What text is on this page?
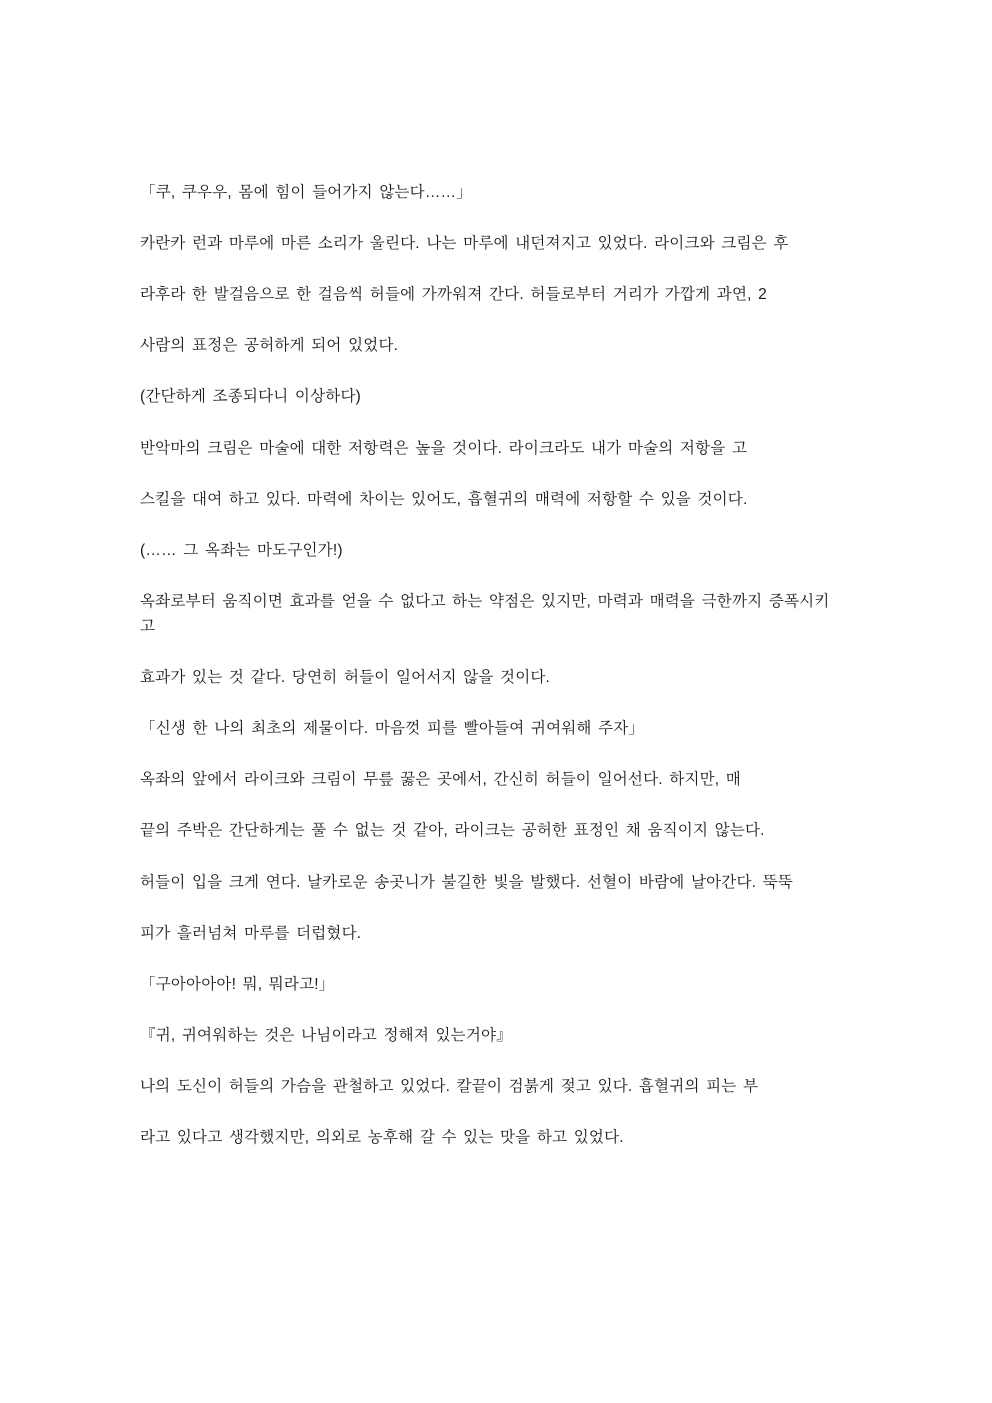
「쿠, 쿠우우, 몸에 힘이 들어가지 않는다……」

카란카 런과 마루에 마른 소리가 울린다. 나는 마루에 내던져지고 있었다. 라이크와 크림은 후

라후라 한 발걸음으로 한 걸음씩 허들에 가까워져 간다. 허들로부터 거리가 가깝게 과연, 2

사람의 표정은 공허하게 되어 있었다.

(간단하게 조종되다니 이상하다)

반악마의 크림은 마술에 대한 저항력은 높을 것이다. 라이크라도 내가 마술의 저항을 고

스킬을 대여 하고 있다. 마력에 차이는 있어도, 흡혈귀의 매력에 저항할 수 있을 것이다.

(…… 그 옥좌는 마도구인가!)

옥좌로부터 움직이면 효과를 얻을 수 없다고 하는 약점은 있지만, 마력과 매력을 극한까지 증폭시키고

효과가 있는 것 같다. 당연히 허들이 일어서지 않을 것이다.

「신생 한 나의 최초의 제물이다. 마음껏 피를 빨아들여 귀여워해 주자」

옥좌의 앞에서 라이크와 크림이 무릎 꿇은 곳에서, 간신히 허들이 일어선다. 하지만, 매

끝의 주박은 간단하게는 풀 수 없는 것 같아, 라이크는 공허한 표정인 채 움직이지 않는다.

허들이 입을 크게 연다. 날카로운 송곳니가 불길한 빛을 발했다. 선혈이 바람에 날아간다. 뚝뚝

피가 흘러넘쳐 마루를 더럽혔다.

「구아아아아! 뭐, 뭐라고!」

『귀, 귀여워하는 것은 나님이라고 정해져 있는거야』

나의 도신이 허들의 가슴을 관철하고 있었다. 칼끝이 검붉게 젖고 있다. 흡혈귀의 피는 부

라고 있다고 생각했지만, 의외로 농후해 갈 수 있는 맛을 하고 있었다.
